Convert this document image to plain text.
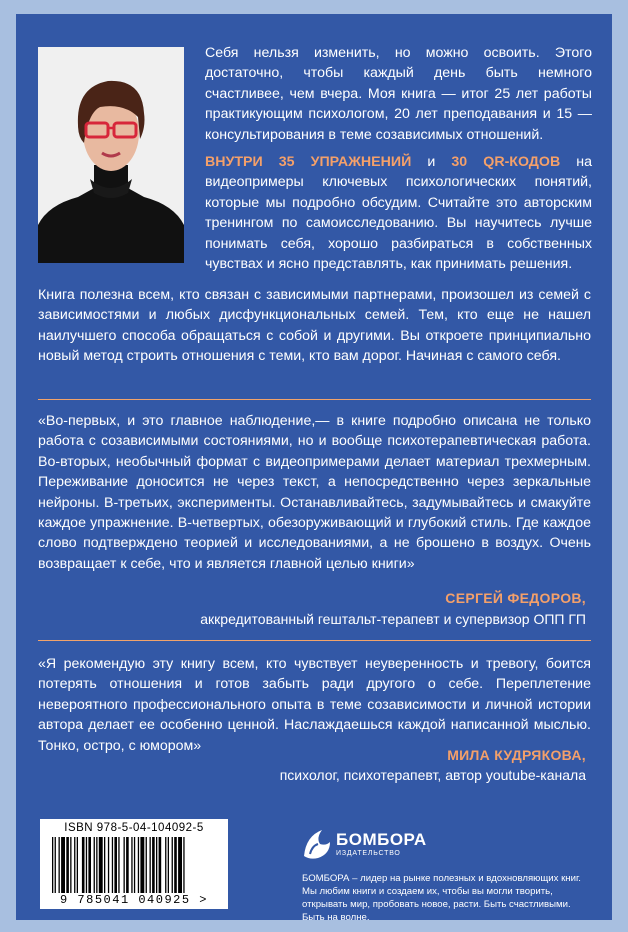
Себя нельзя изменить, но можно освоить. Этого достаточно, чтобы каждый день быть немного счастливее, чем вчера. Моя книга — итог 25 лет работы практикующим психологом, 20 лет преподавания и 15 — консультирования в теме созависимых отношений.

ВНУТРИ 35 УПРАЖНЕНИЙ и 30 QR-КОДОВ на видеопримеры ключевых психологических понятий, которые мы подробно обсудим. Считайте это авторским тренингом по самоисследованию. Вы научитесь лучше понимать себя, хорошо разбираться в собственных чувствах и ясно представлять, как принимать решения.

Книга полезна всем, кто связан с зависимыми партнерами, произошел из семей с зависимостями и любых дисфункциональных семей. Тем, кто еще не нашел наилучшего способа обращаться с собой и другими. Вы откроете принципиально новый метод строить отношения с теми, кто вам дорог. Начиная с самого себя.

«Во-первых, и это главное наблюдение,— в книге подробно описана не только работа с созависимыми состояниями, но и вообще психотерапевтическая работа. Во-вторых, необычный формат с видеопримерами делает материал трехмерным. Переживание доносится не через текст, а непосредственно через зеркальные нейроны. В-третьих, эксперименты. Останавливайтесь, задумывайтесь и смакуйте каждое упражнение. В-четвертых, обезоруживающий и глубокий стиль. Где каждое слово подтверждено теорией и исследованиями, а не брошено в воздух. Очень возвращает к себе, что и является главной целью книги»

СЕРГЕЙ ФЕДОРОВ,
аккредитованный гештальт-терапевт и супервизор ОПП ГП

«Я рекомендую эту книгу всем, кто чувствует неуверенность и тревогу, боится потерять отношения и готов забыть ради другого о себе. Переплетение невероятного профессионального опыта в теме созависимости и личной истории автора делает ее особенно ценной. Наслаждаешься каждой написанной мыслью. Тонко, остро, с юмором»

МИЛА КУДРЯКОВА,
психолог, психотерапевт, автор youtube-канала
ISBN 978-5-04-104092-5
9 785041 040925 >
БОМБОРА
ИЗДАТЕЛЬСТВО

БОМБОРА – лидер на рынке полезных и вдохновляющих книг. Мы любим книги и создаем их, чтобы вы могли творить, открывать мир, пробовать новое, расти. Быть счастливыми. Быть на волне.
